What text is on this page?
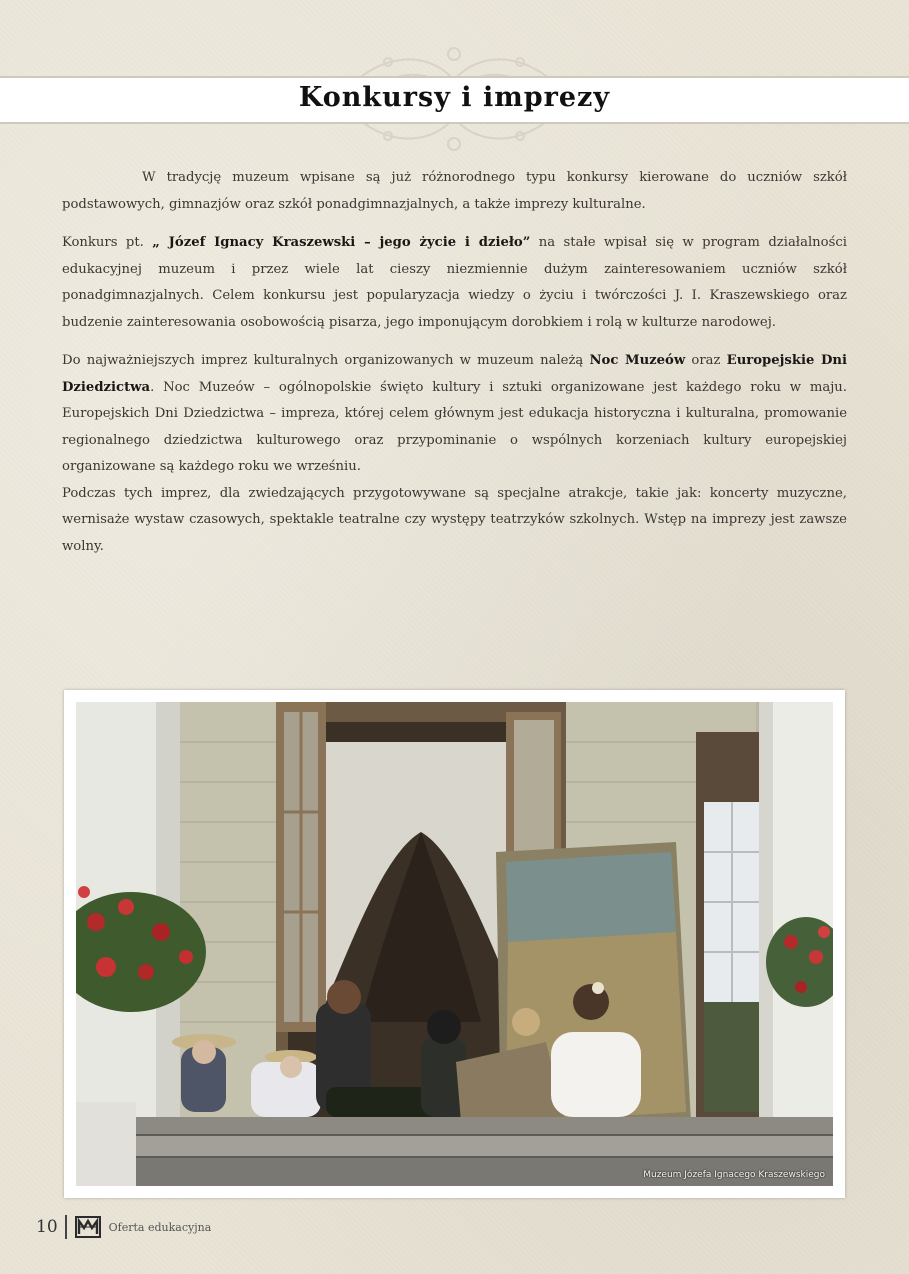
Konkursy i imprezy

W tradycję muzeum wpisane są już różnorodnego typu konkursy kierowane do uczniów szkół podstawowych, gimnazjów oraz szkół ponadgimnazjalnych, a także imprezy kulturalne.

Konkurs pt. „ Józef Ignacy Kraszewski – jego życie i dzieło” na stałe wpisał się w program działalności edukacyjnej muzeum i przez wiele lat cieszy niezmiennie dużym zainteresowaniem uczniów szkół ponadgimnazjalnych. Celem konkursu jest popularyzacja wiedzy o życiu i twórczości J. I. Kraszewskiego oraz budzenie zainteresowania osobowością pisarza, jego imponującym dorobkiem i rolą w kulturze narodowej.

Do najważniejszych imprez kulturalnych organizowanych w muzeum należą Noc Muzeów oraz Europejskie Dni Dziedzictwa. Noc Muzeów – ogólnopolskie święto kultury i sztuki organizowane jest każdego roku w maju. Europejskich Dni Dziedzictwa – impreza, której celem głównym jest edukacja historyczna i kulturalna, promowanie regionalnego dziedzictwa kulturowego oraz przypominanie o wspólnych korzeniach kultury europejskiej organizowane są każdego roku we wrześniu.

Podczas tych imprez, dla zwiedzających przygotowywane są specjalne atrakcje, takie jak: koncerty muzyczne, wernisaże wystaw czasowych, spektakle teatralne czy występy teatrzyków szkolnych. Wstęp na imprezy jest zawsze wolny.

Muzeum Józefa Ignacego Kraszewskiego
10	Oferta edukacyjna
